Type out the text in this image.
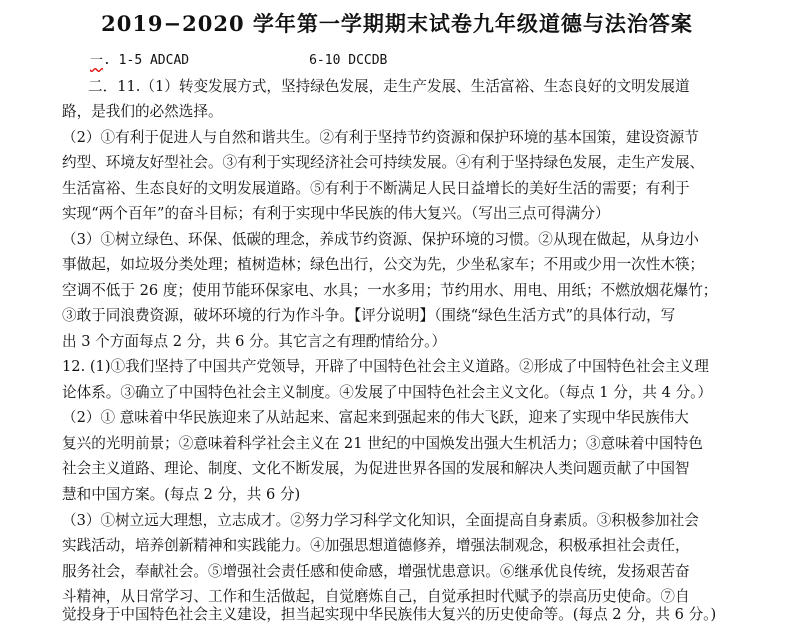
2019−2020 学年第一学期期末试卷九年级道德与法治答案
一. 1-5 ADCAD	6-10 DCCDB
二．11.（1）转变发展方式，坚持绿色发展，走生产发展、生活富裕、生态良好的文明发展道
路，是我们的必然选择。
（2）①有利于促进人与自然和谐共生。②有利于坚持节约资源和保护环境的基本国策，建设资源节
约型、环境友好型社会。③有利于实现经济社会可持续发展。④有利于坚持绿色发展，走生产发展、
生活富裕、生态良好的文明发展道路。⑤有利于不断满足人民日益增长的美好生活的需要；有利于
实现“两个百年”的奋斗目标；有利于实现中华民族的伟大复兴。（写出三点可得满分）
（3）①树立绿色、环保、低碳的理念，养成节约资源、保护环境的习惯。②从现在做起，从身边小
事做起，如垃圾分类处理；植树造林；绿色出行，公交为先，少坐私家车；不用或少用一次性木筷；
空调不低于 26 度；使用节能环保家电、水具；一水多用；节约用水、用电、用纸；不燃放烟花爆竹；
③敢于同浪费资源，破坏环境的行为作斗争。【评分说明】（围绕“绿色生活方式”的具体行动，写
出 3 个方面每点 2 分，共 6 分。其它言之有理酌情给分。）
12. (1)①我们坚持了中国共产党领导，开辟了中国特色社会主义道路。②形成了中国特色社会主义理
论体系。③确立了中国特色社会主义制度。④发展了中国特色社会主义文化。（每点 1 分，共 4 分。）
（2）① 意味着中华民族迎来了从站起来、富起来到强起来的伟大飞跃，迎来了实现中华民族伟大
复兴的光明前景；②意味着科学社会主义在 21 世纪的中国焕发出强大生机活力；③意味着中国特色
社会主义道路、理论、制度、文化不断发展，为促进世界各国的发展和解决人类问题贡献了中国智
慧和中国方案。(每点 2 分，共 6 分)
（3）①树立远大理想，立志成才。②努力学习科学文化知识，全面提高自身素质。③积极参加社会
实践活动，培养创新精神和实践能力。④加强思想道德修养，增强法制观念，积极承担社会责任，
服务社会，奉献社会。⑤增强社会责任感和使命感，增强忧患意识。⑥继承优良传统，发扬艰苦奋
斗精神，从日常学习、工作和生活做起，自觉磨炼自己，自觉承担时代赋予的崇高历史使命。⑦自
觉投身于中国特色社会主义建设，担当起实现中华民族伟大复兴的历史使命等。(每点 2 分，共 6 分。)
